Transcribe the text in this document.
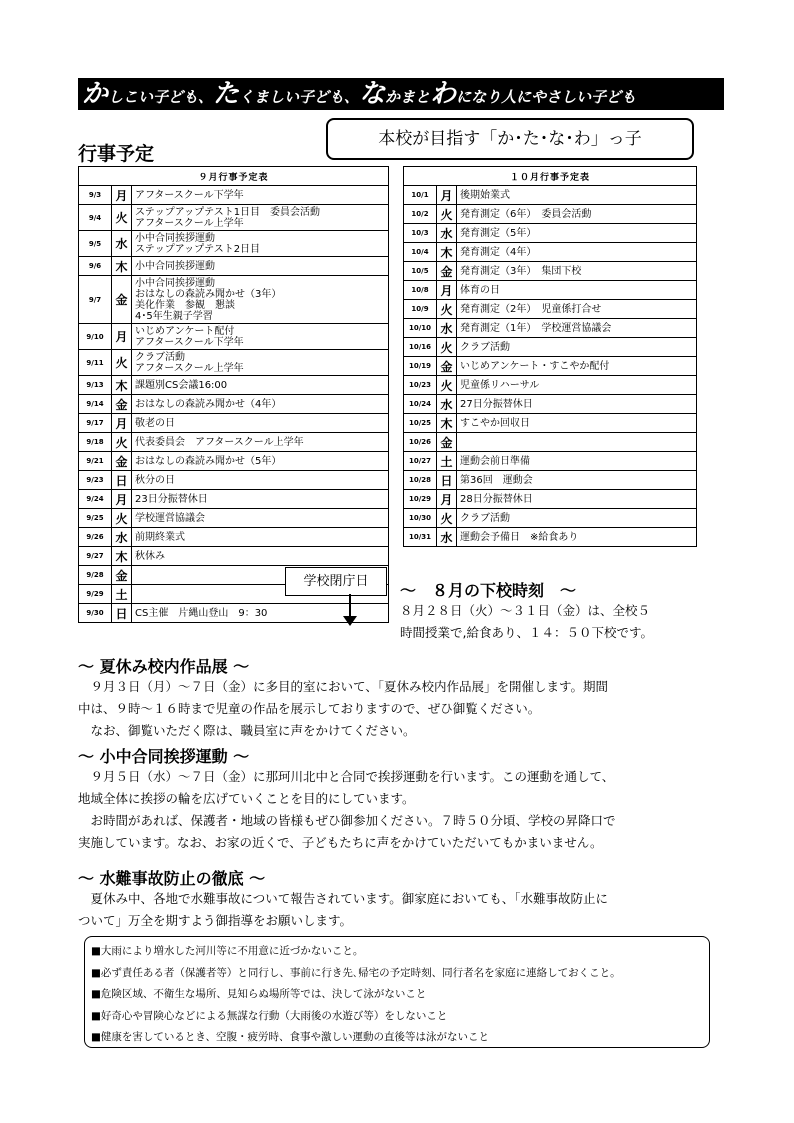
かしこい子ども、たくましい子ども、なかまとわになり人にやさしい子ども
本校が目指す「か･た･な･わ」っ子
行事予定
９月行事予定表		
9/3	月	アフタースクール下学年
9/4	火	ステップアップテスト1日目　委員会活動
アフタースクール上学年
9/5	水	小中合同挨拶運動
ステップアップテスト2日目
9/6	木	小中合同挨拶運動
9/7	金	小中合同挨拶運動
おはなしの森読み聞かせ（3年）
美化作業　参観　懇談
4･5年生親子学習
9/10	月	いじめアンケート配付
アフタースクール下学年
9/11	火	クラブ活動
アフタースクール上学年
9/13	木	課題別CS会議16:00
9/14	金	おはなしの森読み聞かせ（4年）
9/17	月	敬老の日
9/18	火	代表委員会　アフタースクール上学年
9/21	金	おはなしの森読み聞かせ（5年）
9/23	日	秋分の日
9/24	月	23日分振替休日
9/25	火	学校運営協議会
9/26	水	前期終業式
9/27	木	秋休み
9/28	金	
9/29	土	
9/30	日	CS主催　片縄山登山　9：30
１０月行事予定表		
10/1	月	後期始業式
10/2	火	発育測定（6年）　委員会活動
10/3	水	発育測定（5年）
10/4	木	発育測定（4年）
10/5	金	発育測定（3年）　集団下校
10/8	月	体育の日
10/9	火	発育測定（2年）　児童係打合せ
10/10	水	発育測定（1年）　学校運営協議会
10/16	火	クラブ活動
10/19	金	いじめアンケート・すこやか配付
10/23	火	児童係リハーサル
10/24	水	27日分振替休日
10/25	木	すこやか回収日
10/26	金	
10/27	土	運動会前日準備
10/28	日	第36回　運動会
10/29	月	28日分振替休日
10/30	火	クラブ活動
10/31	水	運動会予備日　※給食あり
学校閉庁日	～　８月の下校時刻　～
８月２８日（火）～３１日（金）は、全校５
時間授業で,給食あり、１４：５０下校です。
～ 夏休み校内作品展 ～
　９月３日（月）～７日（金）に多目的室において、「夏休み校内作品展」を開催します。期間
中は、９時～１６時まで児童の作品を展示しておりますので、ぜひ御覧ください。
　なお、御覧いただく際は、職員室に声をかけてください。
～ 小中合同挨拶運動 ～
　９月５日（水）～７日（金）に那珂川北中と合同で挨拶運動を行います。この運動を通して、
地域全体に挨拶の輪を広げていくことを目的にしています。
　お時間があれば、保護者・地域の皆様もぜひ御参加ください。７時５０分頃、学校の昇降口で
実施しています。なお、お家の近くで、子どもたちに声をかけていただいてもかまいません。
～ 水難事故防止の徹底 ～
　夏休み中、各地で水難事故について報告されています。御家庭においても、「水難事故防止に
ついて」万全を期すよう御指導をお願いします。
■大雨により増水した河川等に不用意に近づかないこと。
■必ず責任ある者（保護者等）と同行し、事前に行き先､帰宅の予定時刻、同行者名を家庭に連絡しておくこと。
■危険区域、不衛生な場所、見知らぬ場所等では、決して泳がないこと
■好奇心や冒険心などによる無謀な行動（大雨後の水遊び等）をしないこと
■健康を害しているとき、空腹・疲労時、食事や激しい運動の直後等は泳がないこと
